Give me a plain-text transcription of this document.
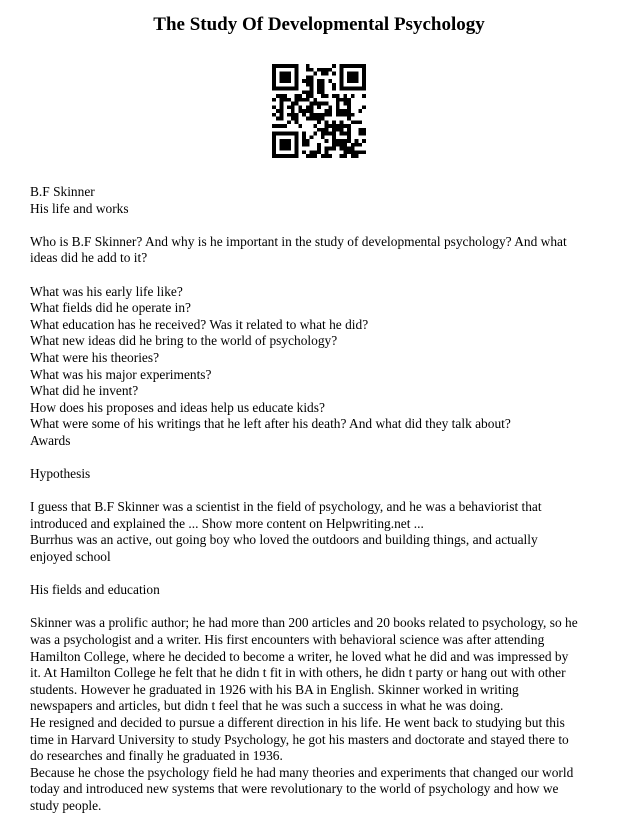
The Study Of Developmental Psychology
B.F Skinner
His life and works
Who is B.F Skinner? And why is he important in the study of developmental psychology? And what
ideas did he add to it?
What was his early life like?
What fields did he operate in?
What education has he received? Was it related to what he did?
What new ideas did he bring to the world of psychology?
What were his theories?
What was his major experiments?
What did he invent?
How does his proposes and ideas help us educate kids?
What were some of his writings that he left after his death? And what did they talk about?
Awards
Hypothesis
I guess that B.F Skinner was a scientist in the field of psychology, and he was a behaviorist that
introduced and explained the ... Show more content on Helpwriting.net ...
Burrhus was an active, out going boy who loved the outdoors and building things, and actually
enjoyed school
His fields and education
Skinner was a prolific author; he had more than 200 articles and 20 books related to psychology, so he
was a psychologist and a writer. His first encounters with behavioral science was after attending
Hamilton College, where he decided to become a writer, he loved what he did and was impressed by
it. At Hamilton College he felt that he didn t fit in with others, he didn t party or hang out with other
students. However he graduated in 1926 with his BA in English. Skinner worked in writing
newspapers and articles, but didn t feel that he was such a success in what he was doing.
He resigned and decided to pursue a different direction in his life. He went back to studying but this
time in Harvard University to study Psychology, he got his masters and doctorate and stayed there to
do researches and finally he graduated in 1936.
Because he chose the psychology field he had many theories and experiments that changed our world
today and introduced new systems that were revolutionary to the world of psychology and how we
study people.
